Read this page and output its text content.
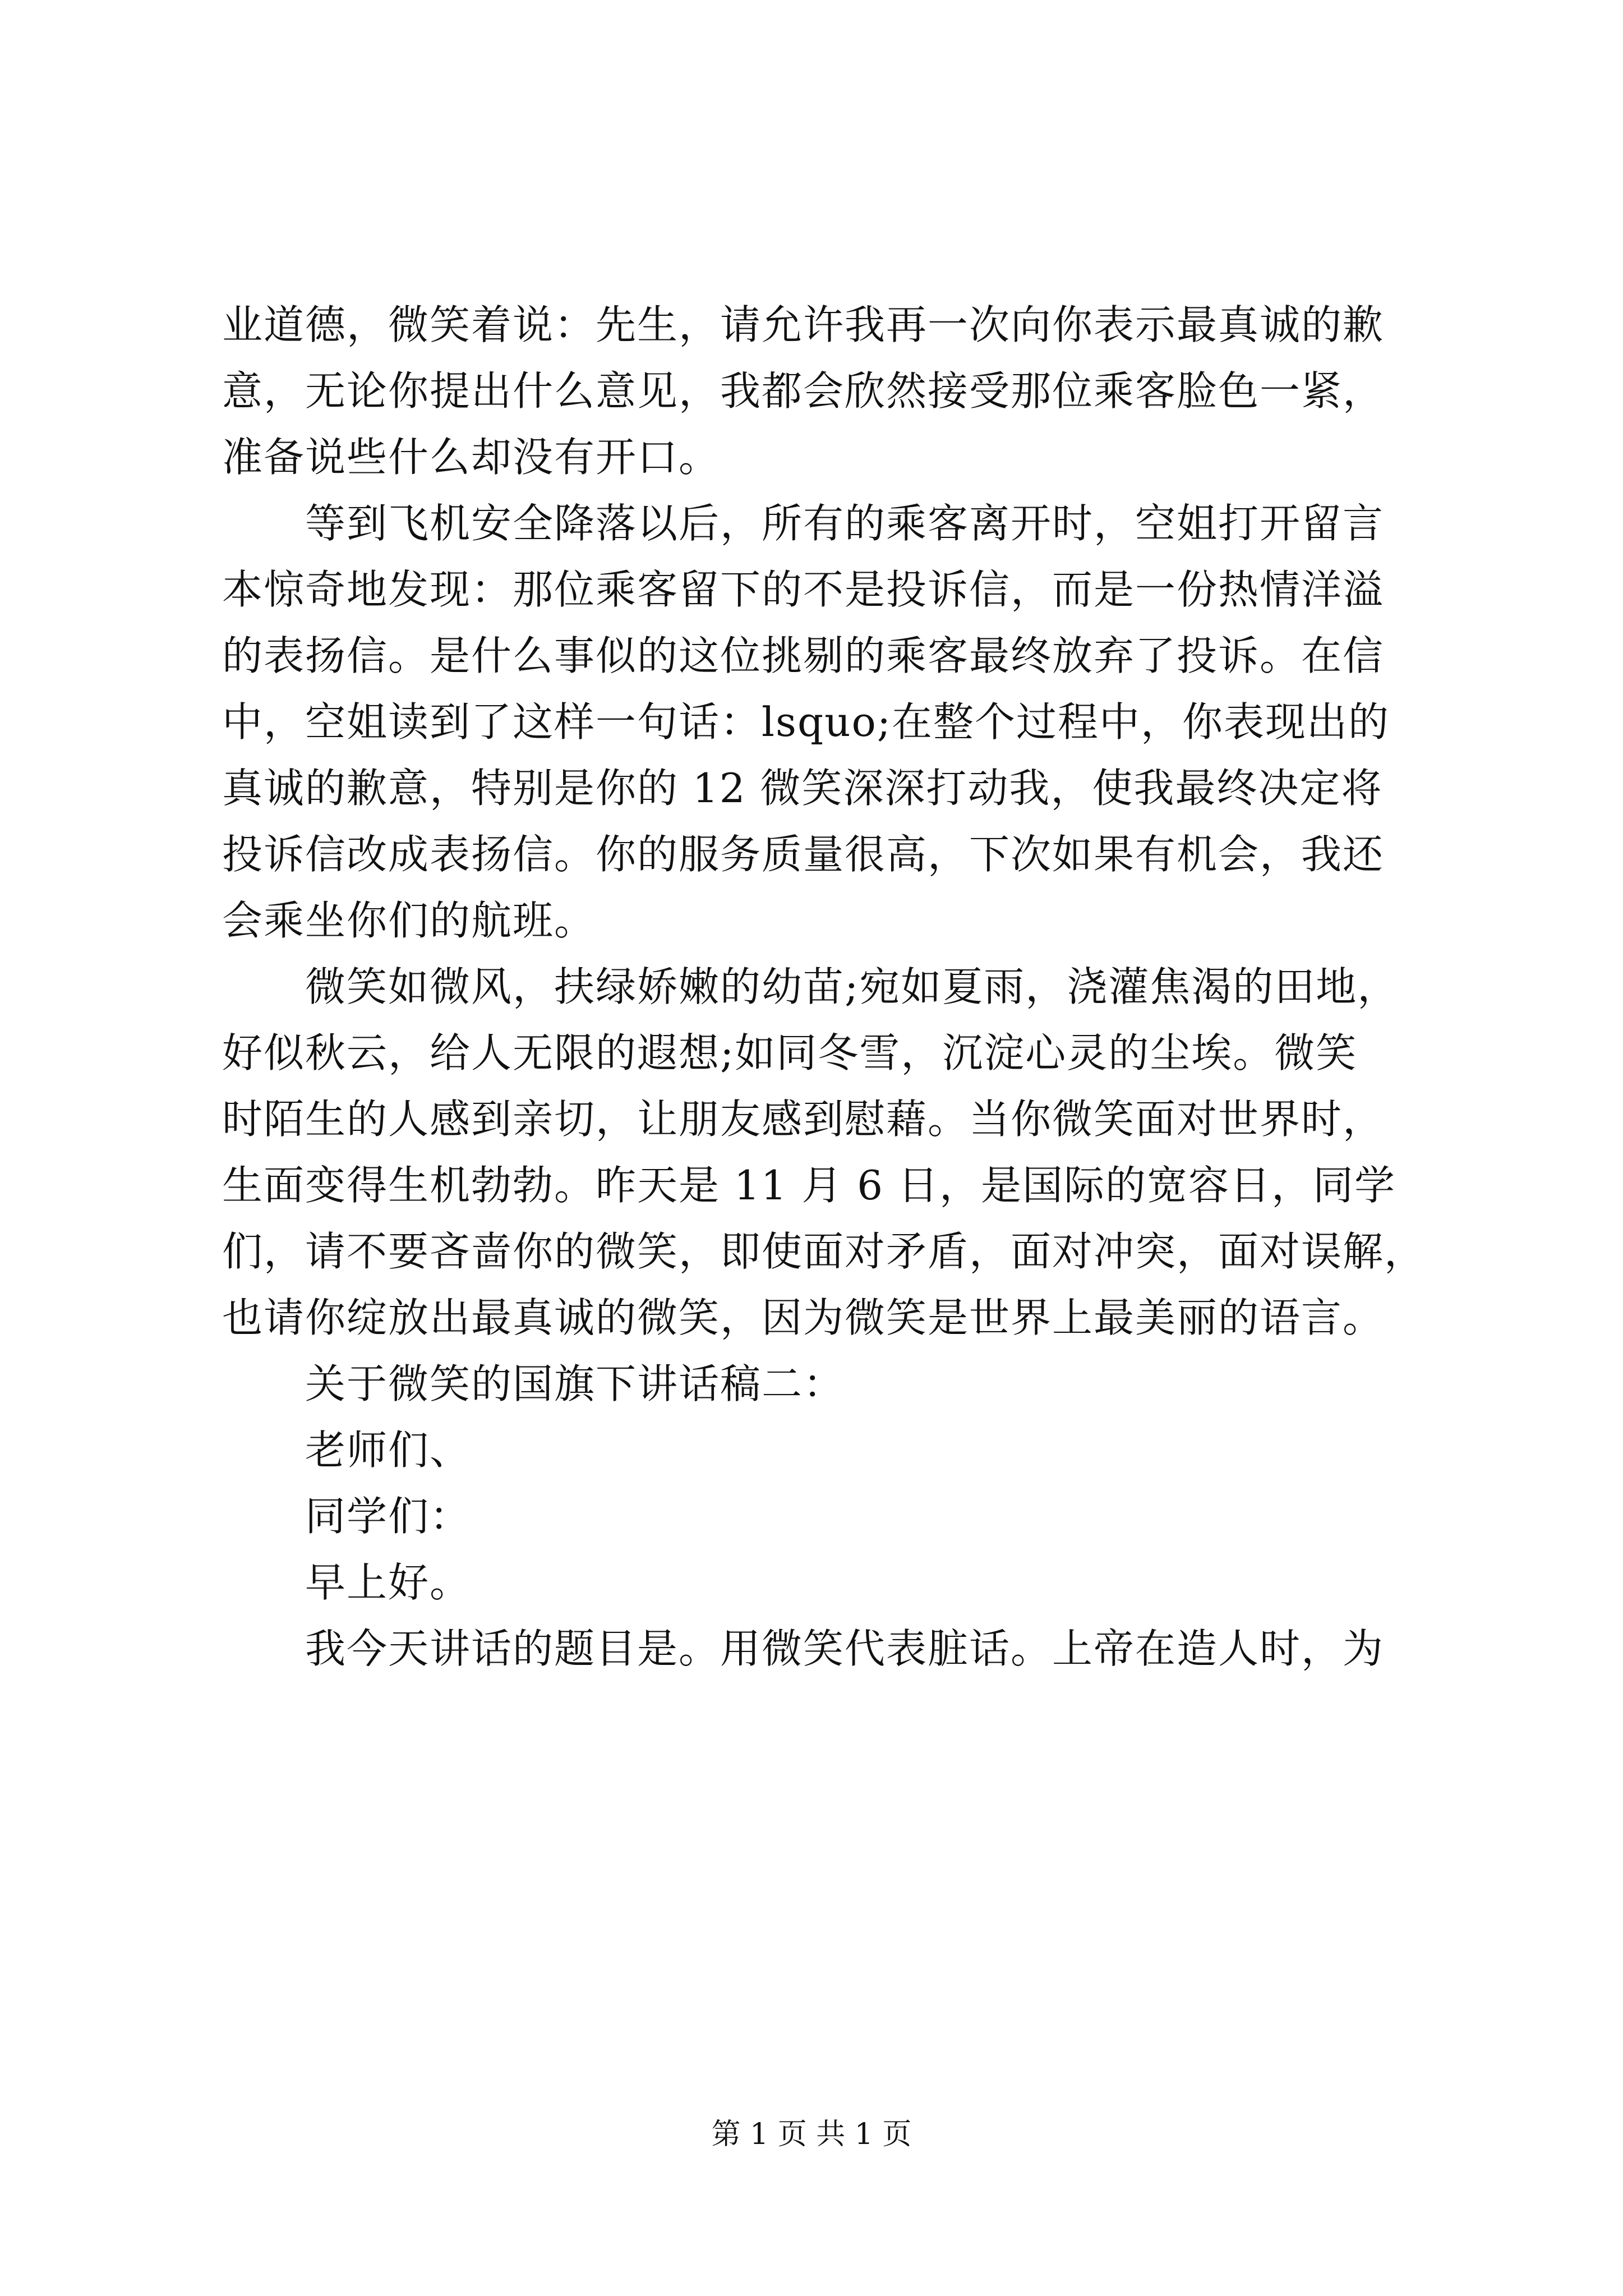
业道德，微笑着说：先生，请允许我再一次向你表示最真诚的歉
意，无论你提出什么意见，我都会欣然接受那位乘客脸色一紧，
准备说些什么却没有开口。
等到飞机安全降落以后，所有的乘客离开时，空姐打开留言
本惊奇地发现：那位乘客留下的不是投诉信，而是一份热情洋溢
的表扬信。是什么事似的这位挑剔的乘客最终放弃了投诉。在信
中，空姐读到了这样一句话：lsquo;在整个过程中，你表现出的
真诚的歉意，特别是你的 12 微笑深深打动我，使我最终决定将
投诉信改成表扬信。你的服务质量很高，下次如果有机会，我还
会乘坐你们的航班。
微笑如微风，扶绿娇嫩的幼苗;宛如夏雨，浇灌焦渴的田地，
好似秋云，给人无限的遐想;如同冬雪，沉淀心灵的尘埃。微笑
时陌生的人感到亲切，让朋友感到慰藉。当你微笑面对世界时，
生面变得生机勃勃。昨天是 11 月 6 日，是国际的宽容日，同学
们，请不要吝啬你的微笑，即使面对矛盾，面对冲突，面对误解，
也请你绽放出最真诚的微笑，因为微笑是世界上最美丽的语言。
关于微笑的国旗下讲话稿二：
老师们、
同学们：
早上好。
我今天讲话的题目是。用微笑代表脏话。上帝在造人时，为
第 1 页 共 1 页
